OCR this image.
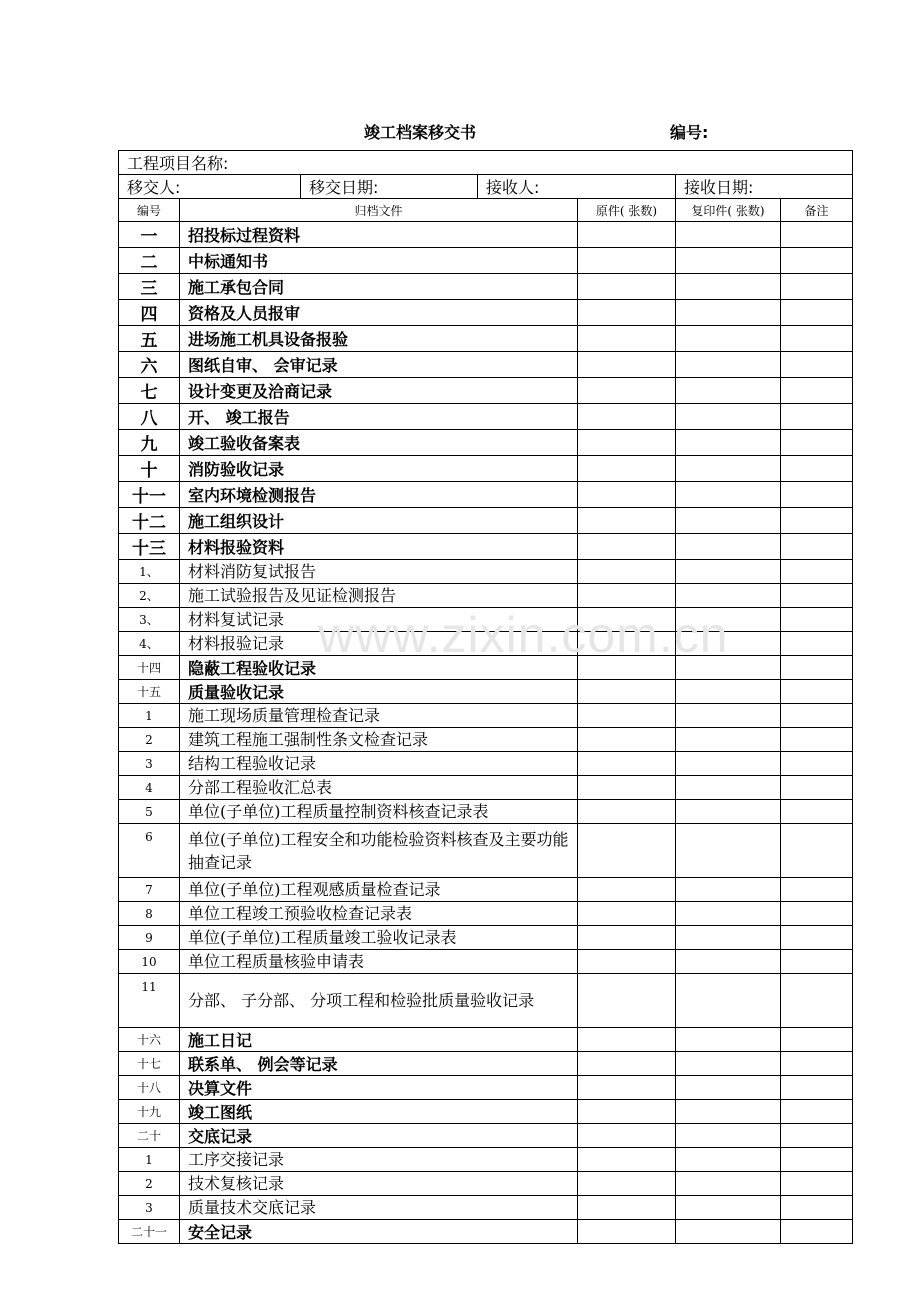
竣工档案移交书	编号:
工程项目名称:						
移交人:		移交日期:	接收人:		接收日期:	
编号	归档文件			原件( 张数)	复印件( 张数)	备注
一	招投标过程资料					
二	中标通知书					
三	施工承包合同					
四	资格及人员报审					
五	进场施工机具设备报验					
六	图纸自审、 会审记录					
七	设计变更及洽商记录					
八	开、 竣工报告					
九	竣工验收备案表					
十	消防验收记录					
十一	室内环境检测报告					
十二	施工组织设计					
十三	材料报验资料					
1、	材料消防复试报告					
2、	施工试验报告及见证检测报告					
3、	材料复试记录					
4、	材料报验记录					
十四	隐蔽工程验收记录					
十五	质量验收记录					
1	施工现场质量管理检查记录					
2	建筑工程施工强制性条文检查记录					
3	结构工程验收记录					
4	分部工程验收汇总表					
5	单位(子单位)工程质量控制资料核查记录表					
6	单位(子单位)工程安全和功能检验资料核查及主要功能抽查记录					
7	单位(子单位)工程观感质量检查记录					
8	单位工程竣工预验收检查记录表					
9	单位(子单位)工程质量竣工验收记录表					
10	单位工程质量核验申请表					
11	分部、 子分部、 分项工程和检验批质量验收记录					
十六	施工日记					
十七	联系单、 例会等记录					
十八	决算文件					
十九	竣工图纸					
二十	交底记录					
1	工序交接记录					
2	技术复核记录					
3	质量技术交底记录					
二十一	安全记录					
www.zixin.com.cn
